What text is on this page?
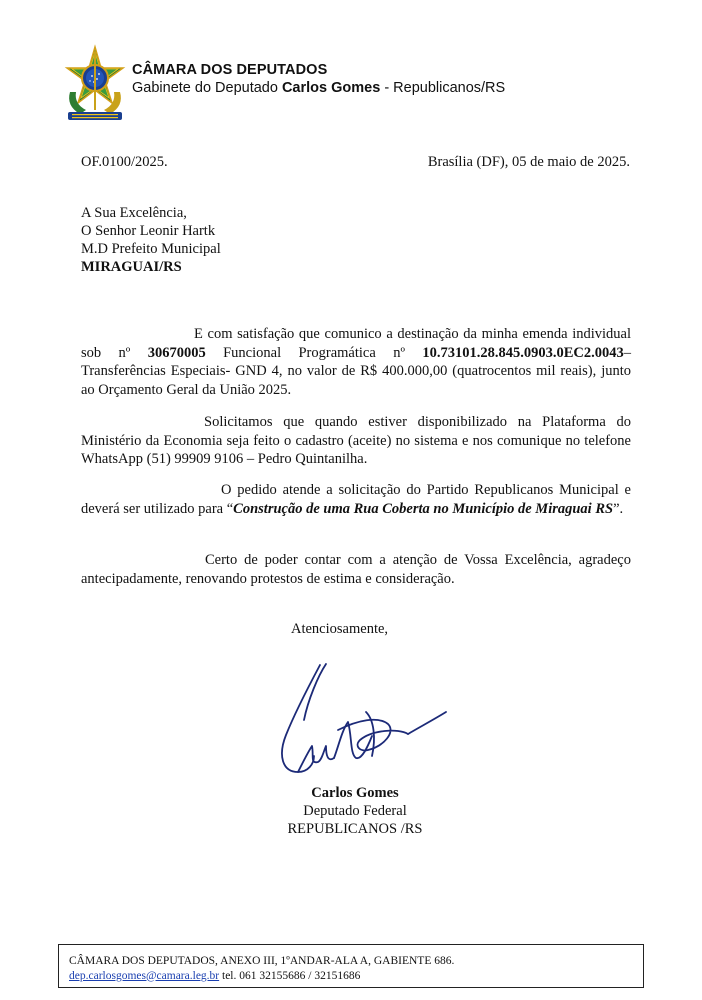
CÂMARA DOS DEPUTADOS
Gabinete do Deputado Carlos Gomes - Republicanos/RS
OF.0100/2025.	Brasília (DF), 05 de maio de 2025.
A Sua Excelência,
O Senhor Leonir Hartk
M.D Prefeito Municipal
MIRAGUAI/RS
E com satisfação que comunico a destinação da minha emenda individual sob nº 30670005 Funcional Programática nº 10.73101.28.845.0903.0EC2.0043– Transferências Especiais- GND 4, no valor de R$ 400.000,00 (quatrocentos mil reais), junto ao Orçamento Geral da União 2025.
Solicitamos que quando estiver disponibilizado na Plataforma do Ministério da Economia seja feito o cadastro (aceite) no sistema e nos comunique no telefone WhatsApp (51) 99909 9106 – Pedro Quintanilha.
O pedido atende a solicitação do Partido Republicanos Municipal e deverá ser utilizado para “Construção de uma Rua Coberta no Município de Miraguai RS”.
Certo de poder contar com a atenção de Vossa Excelência, agradeço antecipadamente, renovando protestos de estima e consideração.
Atenciosamente,
Carlos Gomes
Deputado Federal
REPUBLICANOS /RS
CÂMARA DOS DEPUTADOS, ANEXO III, 1ºANDAR-ALA A, GABIENTE 686.
dep.carlosgomes@camara.leg.br tel. 061 32155686 / 32151686
